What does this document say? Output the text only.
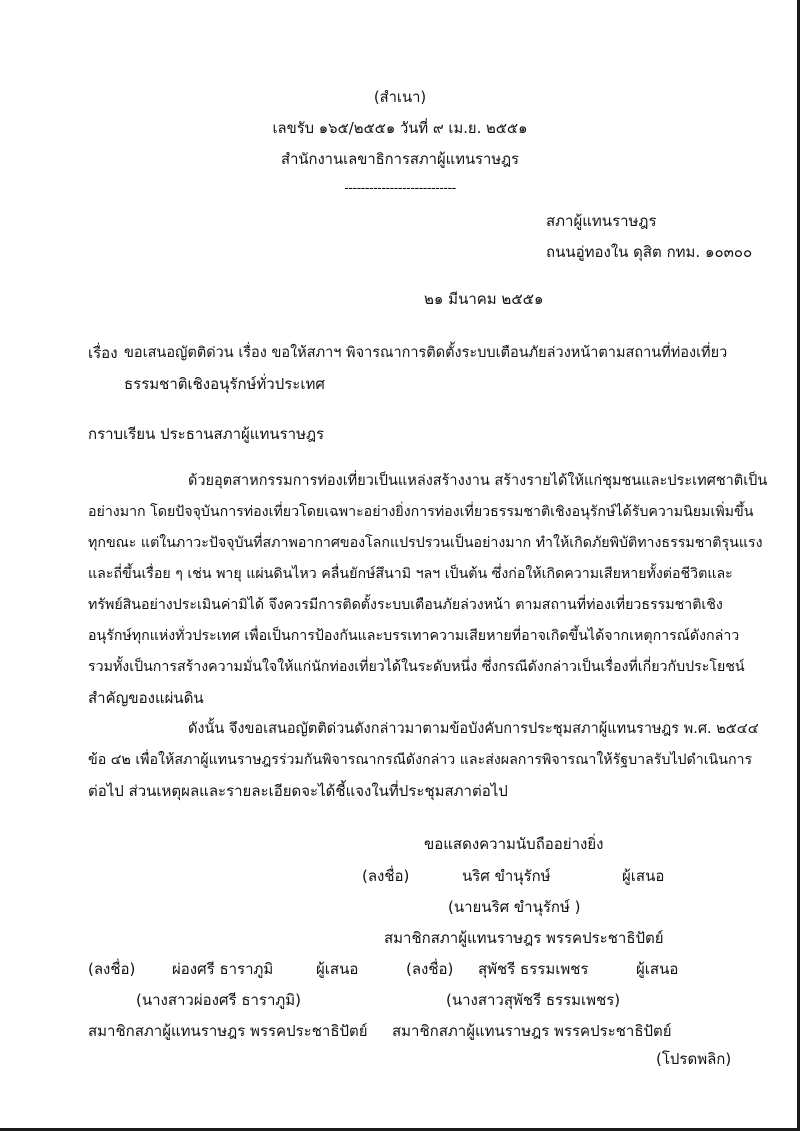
(สำเนา)
เลขรับ ๑๖๕/๒๕๕๑ วันที่ ๙ เม.ย. ๒๕๕๑
สำนักงานเลขาธิการสภาผู้แทนราษฎร
---------------------------
สภาผู้แทนราษฎร
ถนนอู่ทองใน ดุสิต กทม. ๑๐๓๐๐
๒๑ มีนาคม ๒๕๕๑
เรื่อง ขอเสนอญัตติด่วน เรื่อง ขอให้สภาฯ พิจารณาการติดตั้งระบบเตือนภัยล่วงหน้าตามสถานที่ท่องเที่ยว
ธรรมชาติเชิงอนุรักษ์ทั่วประเทศ
กราบเรียน ประธานสภาผู้แทนราษฎร
ด้วยอุตสาหกรรมการท่องเที่ยวเป็นแหล่งสร้างงาน สร้างรายได้ให้แก่ชุมชนและประเทศชาติเป็น
อย่างมาก โดยปัจจุบันการท่องเที่ยวโดยเฉพาะอย่างยิ่งการท่องเที่ยวธรรมชาติเชิงอนุรักษ์ได้รับความนิยมเพิ่มขึ้น
ทุกขณะ แต่ในภาวะปัจจุบันที่สภาพอากาศของโลกแปรปรวนเป็นอย่างมาก ทำให้เกิดภัยพิบัติทางธรรมชาติรุนแรง
และถี่ขึ้นเรื่อย ๆ เช่น พายุ แผ่นดินไหว คลื่นยักษ์สึนามิ ฯลฯ เป็นต้น ซึ่งก่อให้เกิดความเสียหายทั้งต่อชีวิตและ
ทรัพย์สินอย่างประเมินค่ามิได้ จึงควรมีการติดตั้งระบบเตือนภัยล่วงหน้า ตามสถานที่ท่องเที่ยวธรรมชาติเชิง
อนุรักษ์ทุกแห่งทั่วประเทศ เพื่อเป็นการป้องกันและบรรเทาความเสียหายที่อาจเกิดขึ้นได้จากเหตุการณ์ดังกล่าว
รวมทั้งเป็นการสร้างความมั่นใจให้แก่นักท่องเที่ยวได้ในระดับหนึ่ง ซึ่งกรณีดังกล่าวเป็นเรื่องที่เกี่ยวกับประโยชน์
สำคัญของแผ่นดิน
ดังนั้น จึงขอเสนอญัตติด่วนดังกล่าวมาตามข้อบังคับการประชุมสภาผู้แทนราษฎร พ.ศ. ๒๕๔๔
ข้อ ๔๒ เพื่อให้สภาผู้แทนราษฎรร่วมกันพิจารณากรณีดังกล่าว และส่งผลการพิจารณาให้รัฐบาลรับไปดำเนินการ
ต่อไป ส่วนเหตุผลและรายละเอียดจะได้ชี้แจงในที่ประชุมสภาต่อไป
ขอแสดงความนับถืออย่างยิ่ง
(ลงชื่อ)	นริศ ขำนุรักษ์	ผู้เสนอ
(นายนริศ ขำนุรักษ์ )
สมาชิกสภาผู้แทนราษฎร พรรคประชาธิปัตย์
(ลงชื่อ) ผ่องศรี ธาราภูมิ	ผู้เสนอ	(ลงชื่อ) สุพัชรี ธรรมเพชร	ผู้เสนอ
(นางสาวผ่องศรี ธาราภูมิ)	(นางสาวสุพัชรี ธรรมเพชร)
สมาชิกสภาผู้แทนราษฎร พรรคประชาธิปัตย์ สมาชิกสภาผู้แทนราษฎร พรรคประชาธิปัตย์
(โปรดพลิก)
